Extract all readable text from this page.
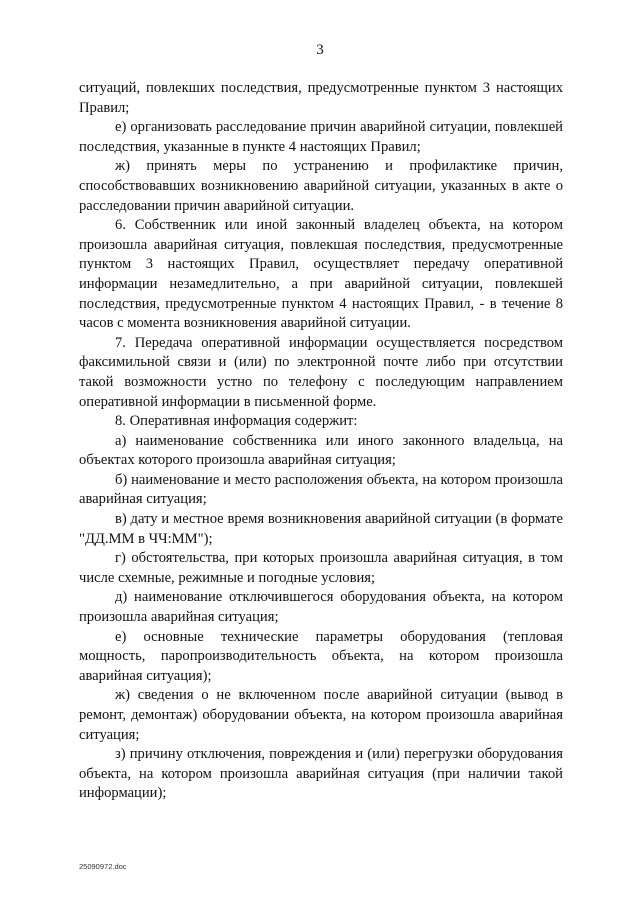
3

ситуаций, повлекших последствия, предусмотренные пунктом 3 настоящих Правил;

е) организовать расследование причин аварийной ситуации, повлекшей последствия, указанные в пункте 4 настоящих Правил;

ж) принять меры по устранению и профилактике причин, способствовавших возникновению аварийной ситуации, указанных в акте о расследовании причин аварийной ситуации.

6. Собственник или иной законный владелец объекта, на котором произошла аварийная ситуация, повлекшая последствия, предусмотренные пунктом 3 настоящих Правил, осуществляет передачу оперативной информации незамедлительно, а при аварийной ситуации, повлекшей последствия, предусмотренные пунктом 4 настоящих Правил, - в течение 8 часов с момента возникновения аварийной ситуации.

7. Передача оперативной информации осуществляется посредством факсимильной связи и (или) по электронной почте либо при отсутствии такой возможности устно по телефону с последующим направлением оперативной информации в письменной форме.

8. Оперативная информация содержит:

а) наименование собственника или иного законного владельца, на объектах которого произошла аварийная ситуация;

б) наименование и место расположения объекта, на котором произошла аварийная ситуация;

в) дату и местное время возникновения аварийной ситуации (в формате "ДД.ММ в ЧЧ:ММ");

г) обстоятельства, при которых произошла аварийная ситуация, в том числе схемные, режимные и погодные условия;

д) наименование отключившегося оборудования объекта, на котором произошла аварийная ситуация;

е) основные технические параметры оборудования (тепловая мощность, паропроизводительность объекта, на котором произошла аварийная ситуация);

ж) сведения о не включенном после аварийной ситуации (вывод в ремонт, демонтаж) оборудовании объекта, на котором произошла аварийная ситуация;

з) причину отключения, повреждения и (или) перегрузки оборудования объекта, на котором произошла аварийная ситуация (при наличии такой информации);

25090972.doc
